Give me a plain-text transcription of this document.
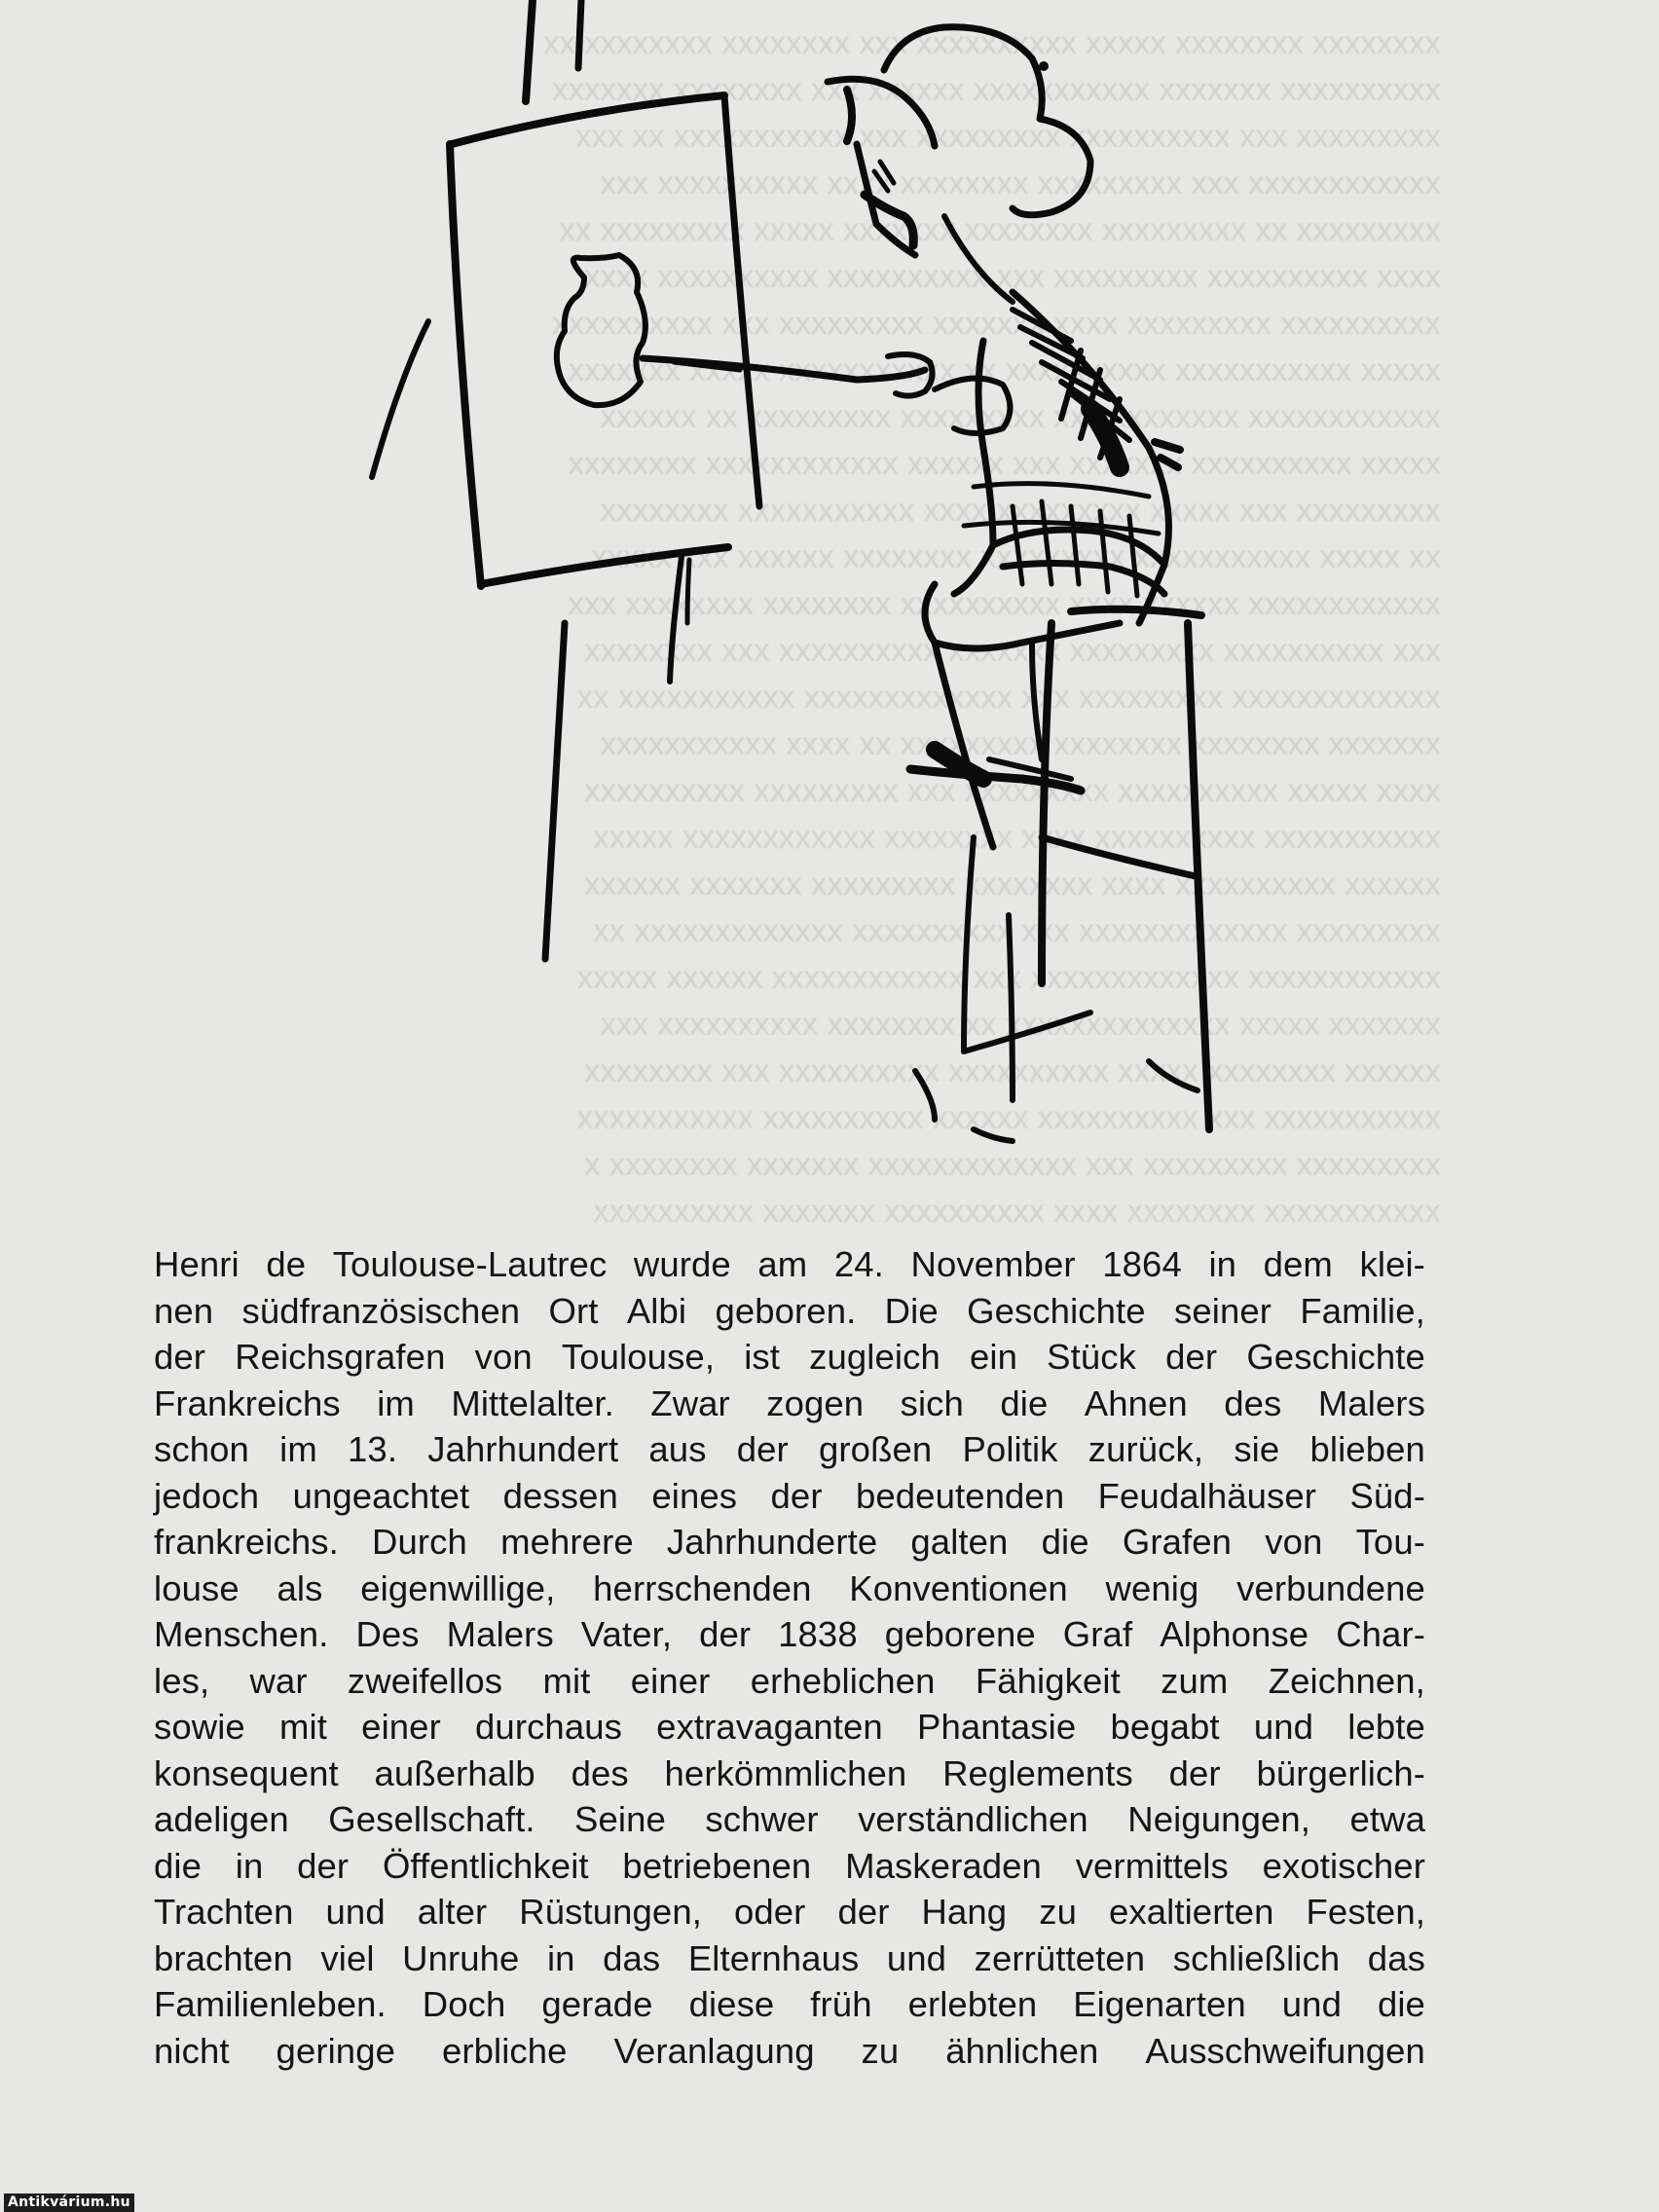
xxxxxxxx xxxxxxxx xxxxx xxxxxxxxxx xxx xxxxxxxx xxxxxxxx xx
xxxxxxxxxx xxxxxxx xxxxxxxxxxx xxxxxx xxx xxxxxxxx xxxxxxx
xxxxxxxxx xxx xxxxxxxxxx xxxxxxxxx xxx xxxxxxxxxxx xx xxx
xxxxxxxxxxxx xxx xxxxxxxxx xxxxxxxx xxxx xxxxxxxxxx xxx
xxxxxxxxx xx xxxxxxxxx xxxxxxxx xxxxxxx xxxxx xxxxxxxxx xx
xxxx xxxxxxxxxx xxxxxxxxx xxx xxxxxxxxxx xxxxxxxxxx xxxx
xxxxxxxxxx xxxxxxxxx xxxx xxxxxxx xxxxxxxxx xxx xxxxxxxxxx
xxxxx xxxxxxxxxxx xxxxxxxxxx xx xxxxxxxxxxx xxxxx xxxxxxx
xxxxxxxxxxxx xxxxxxxx xxx xxxxxxxxx xxxxxxxxx xx xxxxxx
xxxxx xxxxxxxxxx xxxxxxx xxx xxxxxx xxxxxxxxxxxx xxxxxxxx
xxxxxxxxx xxx xxxxx xxxxxxxxx xxxx xxxxxxxxxxx xxxxxxxx
xx xxxxx xxxxxxxxxxx xxxxxxxxx xxxxxxxx xxxxxx xxx xxxxx
xxxxxxxxxxxx xxxxxx xxxx xxxxxxxxxx xxxxxxxx xxxxxxxx xxx
xxx xxxxxxxxxx xxxxxxxxx xxxxxxx xxxxxxxxxx xxx xxxxxxxx
xxxxxxxxxxxxx xxxxxxxxx xxx xxxxxxxxxxxxx xxxxxxxxxxx xx
xxxxxxx xxxxxxxx xxxxxxxx xxxxxxxxx xx xxxx xxxxxxxxxxx
xxxx xxxxx xxxxxxxxxx xxxxxxxxx xxx xxxxxxxxx xxxxxxxxxx
xxxxxxxxxxx xxxxxxxxxx xxxx xxxxxxxx xxxxxxxxxxxx xxxxx
xxxxxx xxxxxxxxxx xxxx xxxxxxxx xxxxxxxxx xxxxxxx xxxxxx
xxxxxxxxx xxxxxxxxxxxxx xxx xxxxxxxxxx xxxxxxxxxxxxx xx
xxxxxxxxxxxx xxxxxxxxxxxxx xxx xxxxxxxxxxxx xxxxxx xxxxx
xxxxxxx xxxxx xxxxxxxxxxxxxx xx xxxxxxxx xxxxxxxxxx xxx
xxxxxx xxxxxxxx xxxxx xxxxxxxxxx xxxxxxxxxx xxx xxxxxxxx
xxxxxxxxxxx xxx xxxxxxxxxx xxxxxx xxxxxxxxxx xxxxxxxxxxx
xxxxxxxxx xxxxxxxxx xxx xxxxxxxxxxxxx xxxxxxx xxxxxxxx x
xxxxxxxxxxx xxxxxxxx xxxx xxxxxxxxxx xxxxxxx xxxxxxxxxx
Henri de Toulouse-Lautrec wurde am 24. November 1864 in dem klei-
nen südfranzösischen Ort Albi geboren. Die Geschichte seiner Familie,
der Reichsgrafen von Toulouse, ist zugleich ein Stück der Geschichte
Frankreichs im Mittelalter. Zwar zogen sich die Ahnen des Malers
schon im 13. Jahrhundert aus der großen Politik zurück, sie blieben
jedoch ungeachtet dessen eines der bedeutenden Feudalhäuser Süd-
frankreichs. Durch mehrere Jahrhunderte galten die Grafen von Tou-
louse als eigenwillige, herrschenden Konventionen wenig verbundene
Menschen. Des Malers Vater, der 1838 geborene Graf Alphonse Char-
les, war zweifellos mit einer erheblichen Fähigkeit zum Zeichnen,
sowie mit einer durchaus extravaganten Phantasie begabt und lebte
konsequent außerhalb des herkömmlichen Reglements der bürgerlich-
adeligen Gesellschaft. Seine schwer verständlichen Neigungen, etwa
die in der Öffentlichkeit betriebenen Maskeraden vermittels exotischer
Trachten und alter Rüstungen, oder der Hang zu exaltierten Festen,
brachten viel Unruhe in das Elternhaus und zerrütteten schließlich das
Familienleben. Doch gerade diese früh erlebten Eigenarten und die
nicht geringe erbliche Veranlagung zu ähnlichen Ausschweifungen
Antikvárium.hu
